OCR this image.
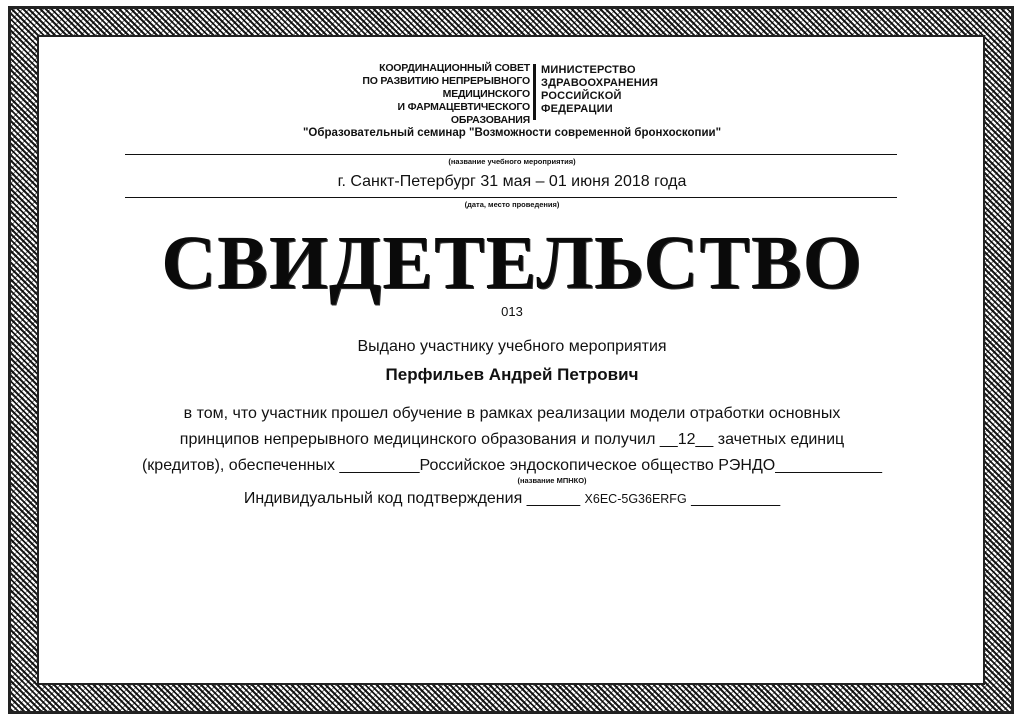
КООРДИНАЦИОННЫЙ СОВЕТ
ПО РАЗВИТИЮ НЕПРЕРЫВНОГО
МЕДИЦИНСКОГО
И ФАРМАЦЕВТИЧЕСКОГО
ОБРАЗОВАНИЯ
МИНИСТЕРСТВО
ЗДРАВООХРАНЕНИЯ
РОССИЙСКОЙ
ФЕДЕРАЦИИ
"Образовательный семинар "Возможности современной бронхоскопии"
(название учебного мероприятия)
г. Санкт-Петербург 31 мая – 01 июня 2018 года
(дата, место проведения)
СВИДЕТЕЛЬСТВО
013
Выдано участнику учебного мероприятия
Перфильев Андрей Петрович
в том, что участник прошел обучение в рамках реализации модели отработки основных
принципов непрерывного медицинского образования и получил __12__ зачетных единиц
(кредитов), обеспеченных _________Российское эндоскопическое общество РЭНДО____________
(название МПНКО)
Индивидуальный код подтверждения ______ X6EC-5G36ERFG __________
